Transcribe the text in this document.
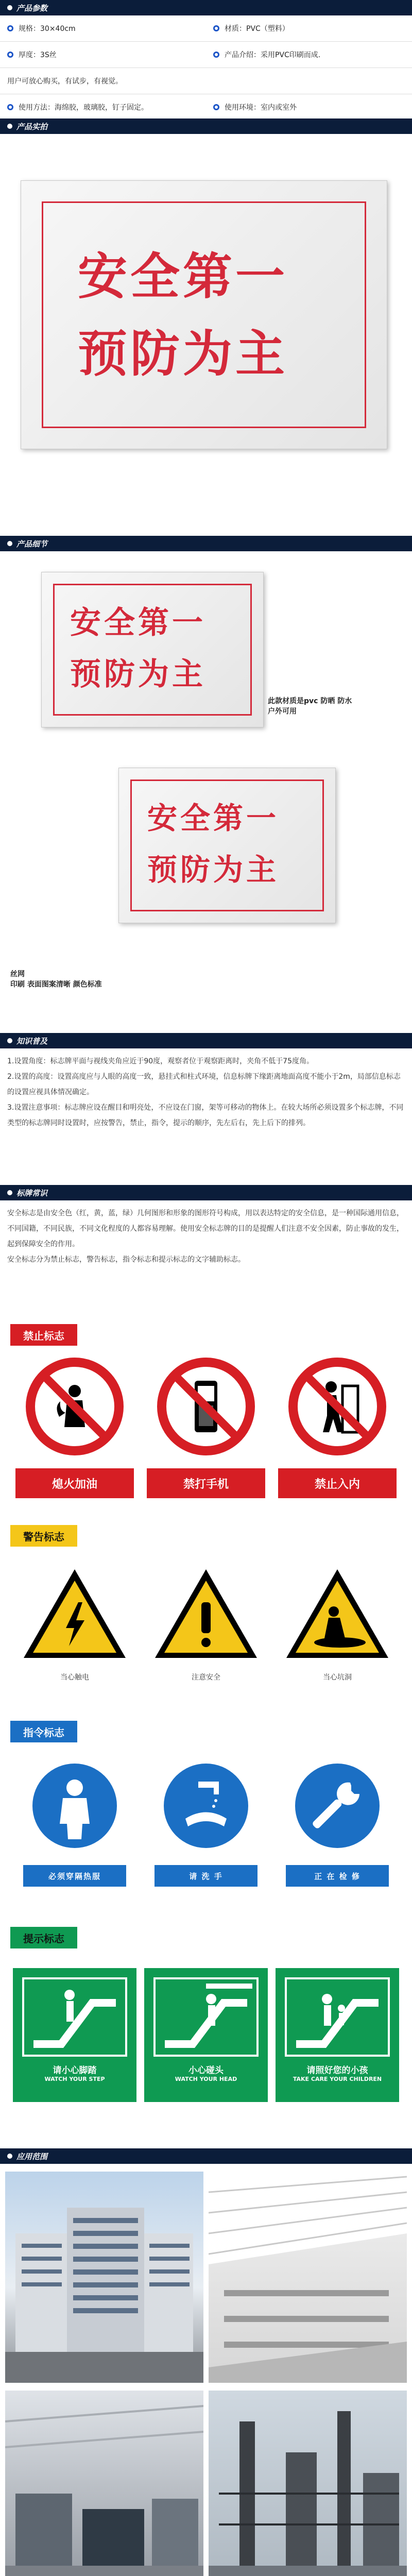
产品参数
规格：30×40cm	材质：PVC（塑料）

厚度：3S丝	产品介绍：采用PVC印刷而成.

用户可放心购买，有试步，有视觉。	

使用方法：海绵胶，玻璃胶，钉子固定。	使用环境：室内或室外
产品实拍
安全第一
预防为主
产品细节
安全第一
预防为主
此款材质是pvc 防晒 防水
户外可用
安全第一
预防为主
丝网
印刷 表面图案清晰 颜色标准
知识普及
1.设置角度：标志牌平面与视线夹角应近于90度，观察者位于观察距离时，夹角不低于75度角。
2.设置的高度：设置高度应与人眼的高度一致，悬挂式和柱式环境，信息标牌下缘距离地面高度不能小于2m，局部信息标志的设置应视具体情况确定。
3.设置注意事项：标志牌应设在醒目和明亮处，不应设在门窗，架等可移动的物体上。在较大场所必须设置多个标志牌，不同类型的标志牌同时设置时，应按警告，禁止，指令，提示的顺序，先左后右，先上后下的排列。
标牌常识
安全标志是由安全色（红，黄，蓝，绿）几何图形和形象的图形符号构成，用以表达特定的安全信息，是一种国际通用信息，不同国籍，不同民族，不同文化程度的人都容易理解。使用安全标志牌的目的是提醒人们注意不安全因素，防止事故的发生，起到保障安全的作用。
安全标志分为禁止标志，警告标志，指令标志和提示标志的文字辅助标志。
禁止标志
熄火加油	禁打手机	禁止入内
警告标志
当心触电	注意安全	当心坑洞
指令标志
必须穿隔热服	请 洗 手	正 在 检 修
提示标志
请小心脚踏
WATCH YOUR STEP
小心碰头
WATCH YOUR HEAD
请照好您的小孩
TAKE CARE YOUR CHILDREN
应用范围
